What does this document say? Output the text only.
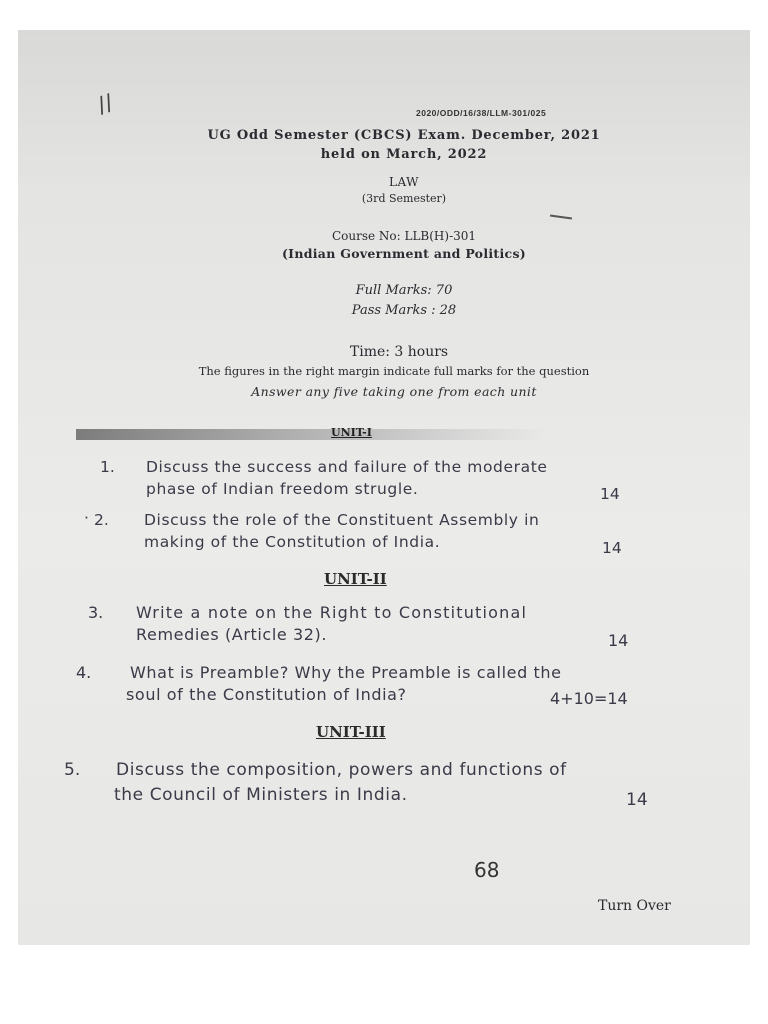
//	2020/ODD/16/38/LLM-301/025
UG Odd Semester (CBCS) Exam. December, 2021
held on March, 2022
LAW
(3rd Semester)
Course No: LLB(H)-301
(Indian Government and Politics)
Full Marks: 70
Pass Marks : 28
Time: 3 hours
The figures in the right margin indicate full marks for the question
Answer any five taking one from each unit
UNIT-I
1. Discuss the success and failure of the moderate
phase of Indian freedom strugle.	14
· 2. Discuss the role of the Constituent Assembly in
making of the Constitution of India.	14
UNIT-II
3. Write a note on the Right to Constitutional
Remedies (Article 32).	14
4. What is Preamble? Why the Preamble is called the
soul of the Constitution of India?	4+10=14
UNIT-III
5. Discuss the composition, powers and functions of
the Council of Ministers in India.	14
68
Turn Over
